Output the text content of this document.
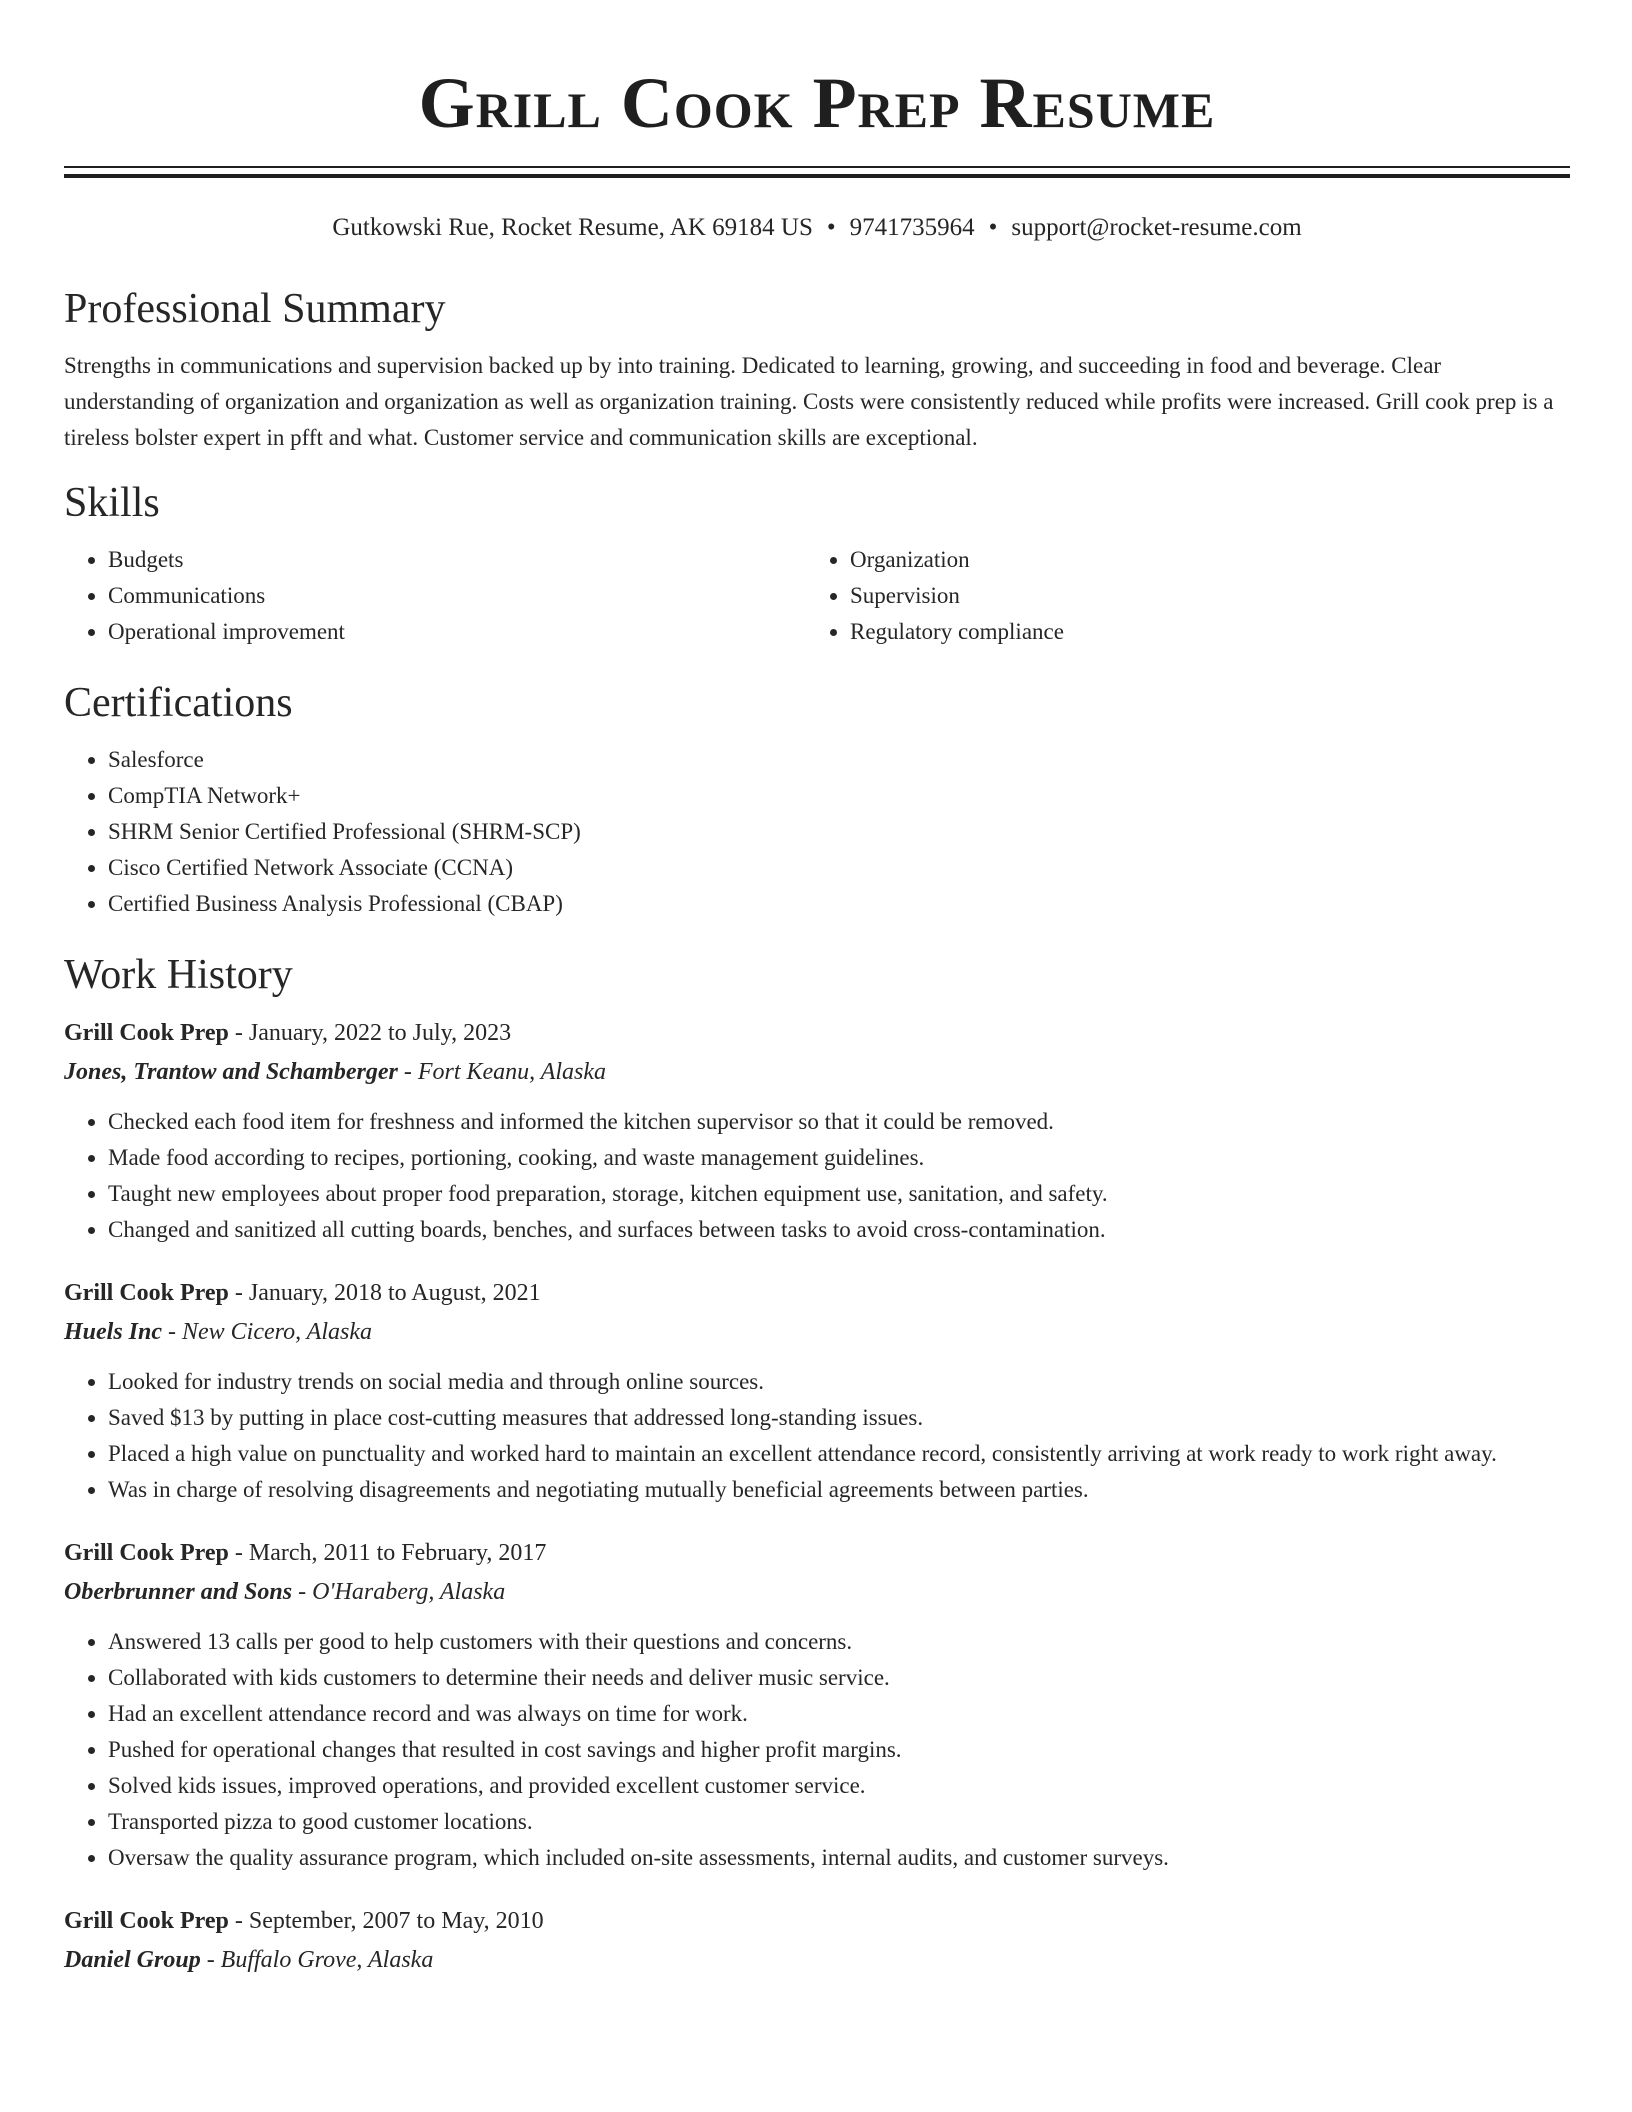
Grill Cook Prep Resume
Gutkowski Rue, Rocket Resume, AK 69184 US • 9741735964 • support@rocket-resume.com
Professional Summary

Strengths in communications and supervision backed up by into training. Dedicated to learning, growing, and succeeding in food and beverage. Clear understanding of organization and organization as well as organization training. Costs were consistently reduced while profits were increased. Grill cook prep is a tireless bolster expert in pfft and what. Customer service and communication skills are exceptional.

Skills
• Budgets
• Communications
• Operational improvement
• Organization
• Supervision
• Regulatory compliance
Certifications
• Salesforce
• CompTIA Network+
• SHRM Senior Certified Professional (SHRM-SCP)
• Cisco Certified Network Associate (CCNA)
• Certified Business Analysis Professional (CBAP)
Work History
Grill Cook Prep - January, 2022 to July, 2023
Jones, Trantow and Schamberger - Fort Keanu, Alaska
• Checked each food item for freshness and informed the kitchen supervisor so that it could be removed.
• Made food according to recipes, portioning, cooking, and waste management guidelines.
• Taught new employees about proper food preparation, storage, kitchen equipment use, sanitation, and safety.
• Changed and sanitized all cutting boards, benches, and surfaces between tasks to avoid cross-contamination.
Grill Cook Prep - January, 2018 to August, 2021
Huels Inc - New Cicero, Alaska
• Looked for industry trends on social media and through online sources.
• Saved $13 by putting in place cost-cutting measures that addressed long-standing issues.
• Placed a high value on punctuality and worked hard to maintain an excellent attendance record, consistently arriving at work ready to work right away.
• Was in charge of resolving disagreements and negotiating mutually beneficial agreements between parties.
Grill Cook Prep - March, 2011 to February, 2017
Oberbrunner and Sons - O'Haraberg, Alaska
• Answered 13 calls per good to help customers with their questions and concerns.
• Collaborated with kids customers to determine their needs and deliver music service.
• Had an excellent attendance record and was always on time for work.
• Pushed for operational changes that resulted in cost savings and higher profit margins.
• Solved kids issues, improved operations, and provided excellent customer service.
• Transported pizza to good customer locations.
• Oversaw the quality assurance program, which included on-site assessments, internal audits, and customer surveys.
Grill Cook Prep - September, 2007 to May, 2010
Daniel Group - Buffalo Grove, Alaska
